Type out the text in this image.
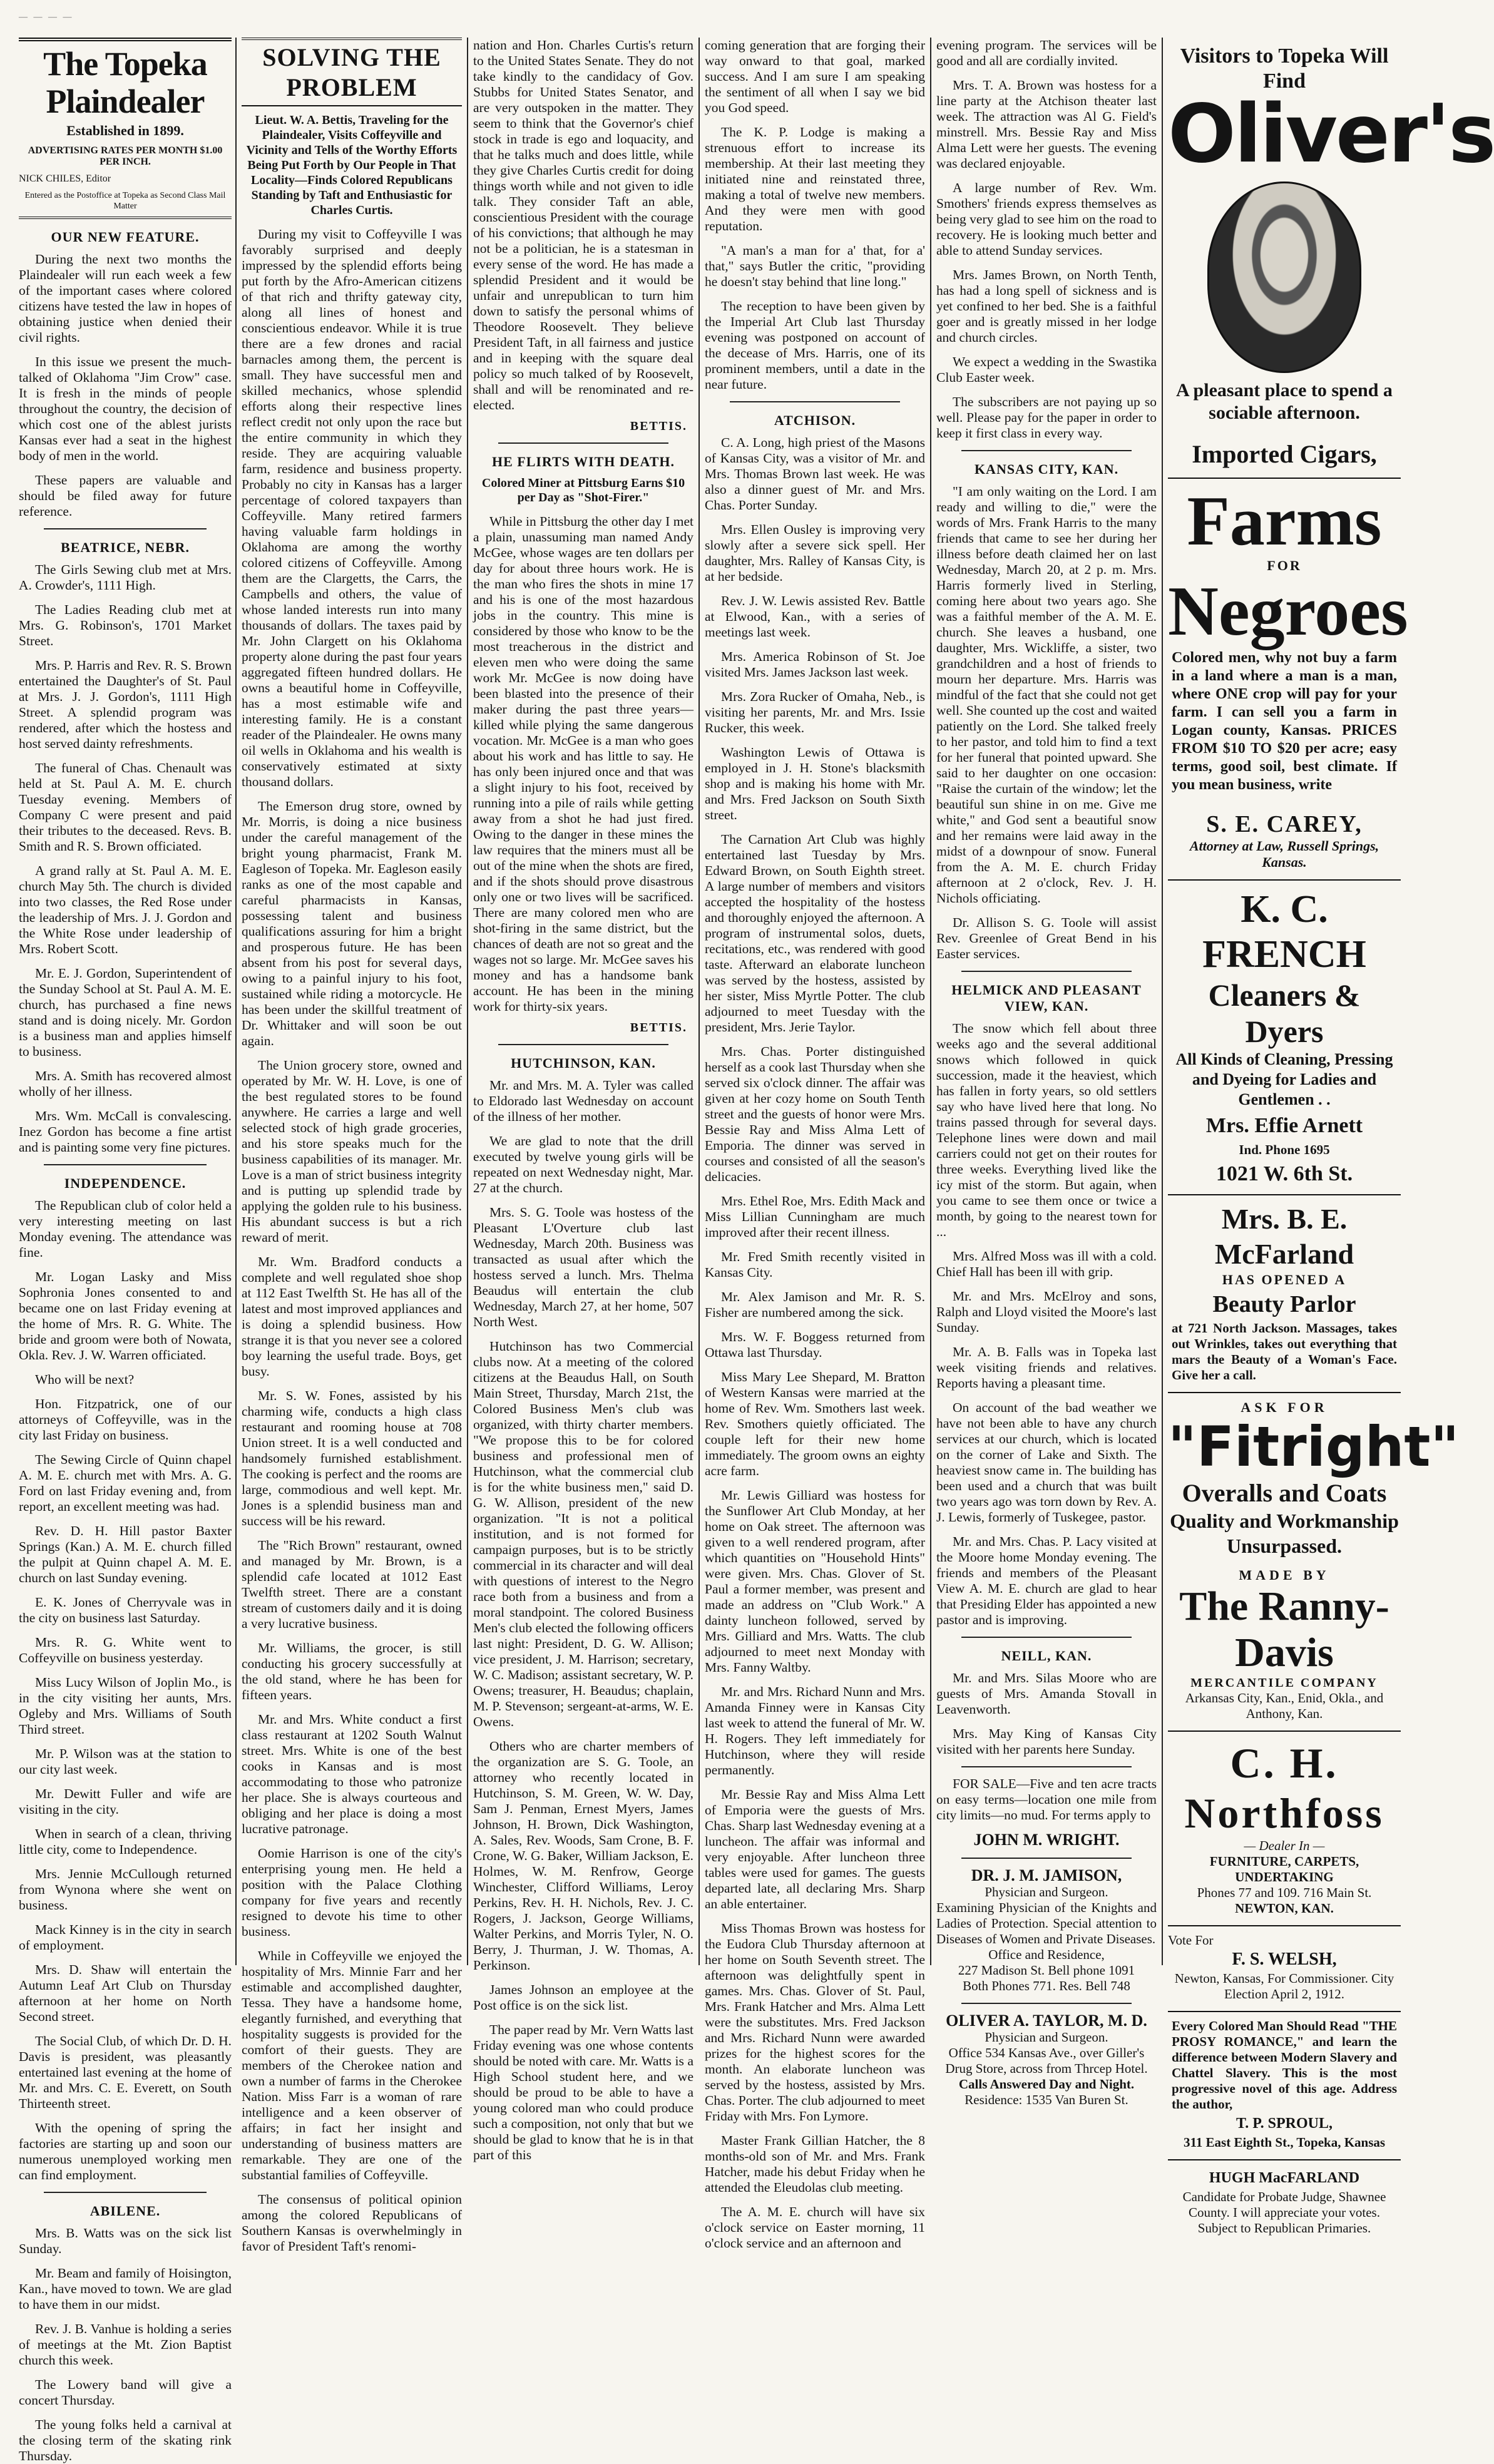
— — — —
The Topeka Plaindealer
Established in 1899.
ADVERTISING RATES PER MONTH $1.00 PER INCH.
NICK CHILES, Editor
Entered as the Postoffice at Topeka as Second Class Mail Matter
OUR NEW FEATURE.

During the next two months the Plaindealer will run each week a few of the important cases where colored citizens have tested the law in hopes of obtaining justice when denied their civil rights.

In this issue we present the much-talked of Oklahoma "Jim Crow" case. It is fresh in the minds of people throughout the country, the decision of which cost one of the ablest jurists Kansas ever had a seat in the highest body of men in the world.

These papers are valuable and should be filed away for future reference.

BEATRICE, NEBR.

The Girls Sewing club met at Mrs. A. Crowder's, 1111 High.

The Ladies Reading club met at Mrs. G. Robinson's, 1701 Market Street.

Mrs. P. Harris and Rev. R. S. Brown entertained the Daughter's of St. Paul at Mrs. J. J. Gordon's, 1111 High Street. A splendid program was rendered, after which the hostess and host served dainty refreshments.

The funeral of Chas. Chenault was held at St. Paul A. M. E. church Tuesday evening. Members of Company C were present and paid their tributes to the deceased. Revs. B. Smith and R. S. Brown officiated.

A grand rally at St. Paul A. M. E. church May 5th. The church is divided into two classes, the Red Rose under the leadership of Mrs. J. J. Gordon and the White Rose under leadership of Mrs. Robert Scott.

Mr. E. J. Gordon, Superintendent of the Sunday School at St. Paul A. M. E. church, has purchased a fine news stand and is doing nicely. Mr. Gordon is a business man and applies himself to business.

Mrs. A. Smith has recovered almost wholly of her illness.

Mrs. Wm. McCall is convalescing. Inez Gordon has become a fine artist and is painting some very fine pictures.

INDEPENDENCE.

The Republican club of color held a very interesting meeting on last Monday evening. The attendance was fine.

Mr. Logan Lasky and Miss Sophronia Jones consented to and became one on last Friday evening at the home of Mrs. R. G. White. The bride and groom were both of Nowata, Okla. Rev. J. W. Warren officiated.

Who will be next?

Hon. Fitzpatrick, one of our attorneys of Coffeyville, was in the city last Friday on business.

The Sewing Circle of Quinn chapel A. M. E. church met with Mrs. A. G. Ford on last Friday evening and, from report, an excellent meeting was had.

Rev. D. H. Hill pastor Baxter Springs (Kan.) A. M. E. church filled the pulpit at Quinn chapel A. M. E. church on last Sunday evening.

E. K. Jones of Cherryvale was in the city on business last Saturday.

Mrs. R. G. White went to Coffeyville on business yesterday.

Miss Lucy Wilson of Joplin Mo., is in the city visiting her aunts, Mrs. Ogleby and Mrs. Williams of South Third street.

Mr. P. Wilson was at the station to our city last week.

Mr. Dewitt Fuller and wife are visiting in the city.

When in search of a clean, thriving little city, come to Independence.

Mrs. Jennie McCullough returned from Wynona where she went on business.

Mack Kinney is in the city in search of employment.

Mrs. D. Shaw will entertain the Autumn Leaf Art Club on Thursday afternoon at her home on North Second street.

The Social Club, of which Dr. D. H. Davis is president, was pleasantly entertained last evening at the home of Mr. and Mrs. C. E. Everett, on South Thirteenth street.

With the opening of spring the factories are starting up and soon our numerous unemployed working men can find employment.

ABILENE.

Mrs. B. Watts was on the sick list Sunday.

Mr. Beam and family of Hoisington, Kan., have moved to town. We are glad to have them in our midst.

Rev. J. B. Vanhue is holding a series of meetings at the Mt. Zion Baptist church this week.

The Lowery band will give a concert Thursday.

The young folks held a carnival at the closing term of the skating rink Thursday.

SOLVING THE PROBLEM
Lieut. W. A. Bettis, Traveling for the Plaindealer, Visits Coffeyville and Vicinity and Tells of the Worthy Efforts Being Put Forth by Our People in That Locality—Finds Colored Republicans Standing by Taft and Enthusiastic for Charles Curtis.

During my visit to Coffeyville I was favorably surprised and deeply impressed by the splendid efforts being put forth by the Afro-American citizens of that rich and thrifty gateway city, along all lines of honest and conscientious endeavor. While it is true there are a few drones and racial barnacles among them, the percent is small. They have successful men and skilled mechanics, whose splendid efforts along their respective lines reflect credit not only upon the race but the entire community in which they reside. They are acquiring valuable farm, residence and business property. Probably no city in Kansas has a larger percentage of colored taxpayers than Coffeyville. Many retired farmers having valuable farm holdings in Oklahoma are among the worthy colored citizens of Coffeyville. Among them are the Clargetts, the Carrs, the Campbells and others, the value of whose landed interests run into many thousands of dollars. The taxes paid by Mr. John Clargett on his Oklahoma property alone during the past four years aggregated fifteen hundred dollars. He owns a beautiful home in Coffeyville, has a most estimable wife and interesting family. He is a constant reader of the Plaindealer. He owns many oil wells in Oklahoma and his wealth is conservatively estimated at sixty thousand dollars.

The Emerson drug store, owned by Mr. Morris, is doing a nice business under the careful management of the bright young pharmacist, Frank M. Eagleson of Topeka. Mr. Eagleson easily ranks as one of the most capable and careful pharmacists in Kansas, possessing talent and business qualifications assuring for him a bright and prosperous future. He has been absent from his post for several days, owing to a painful injury to his foot, sustained while riding a motorcycle. He has been under the skillful treatment of Dr. Whittaker and will soon be out again.

The Union grocery store, owned and operated by Mr. W. H. Love, is one of the best regulated stores to be found anywhere. He carries a large and well selected stock of high grade groceries, and his store speaks much for the business capabilities of its manager. Mr. Love is a man of strict business integrity and is putting up splendid trade by applying the golden rule to his business. His abundant success is but a rich reward of merit.

Mr. Wm. Bradford conducts a complete and well regulated shoe shop at 112 East Twelfth St. He has all of the latest and most improved appliances and is doing a splendid business. How strange it is that you never see a colored boy learning the useful trade. Boys, get busy.

Mr. S. W. Fones, assisted by his charming wife, conducts a high class restaurant and rooming house at 708 Union street. It is a well conducted and handsomely furnished establishment. The cooking is perfect and the rooms are large, commodious and well kept. Mr. Jones is a splendid business man and success will be his reward.

The "Rich Brown" restaurant, owned and managed by Mr. Brown, is a splendid cafe located at 1012 East Twelfth street. There are a constant stream of customers daily and it is doing a very lucrative business.

Mr. Williams, the grocer, is still conducting his grocery successfully at the old stand, where he has been for fifteen years.

Mr. and Mrs. White conduct a first class restaurant at 1202 South Walnut street. Mrs. White is one of the best cooks in Kansas and is most accommodating to those who patronize her place. She is always courteous and obliging and her place is doing a most lucrative patronage.

Oomie Harrison is one of the city's enterprising young men. He held a position with the Palace Clothing company for five years and recently resigned to devote his time to other business.

While in Coffeyville we enjoyed the hospitality of Mrs. Minnie Farr and her estimable and accomplished daughter, Tessa. They have a handsome home, elegantly furnished, and everything that hospitality suggests is provided for the comfort of their guests. They are members of the Cherokee nation and own a number of farms in the Cherokee Nation. Miss Farr is a woman of rare intelligence and a keen observer of affairs; in fact her insight and understanding of business matters are remarkable. They are one of the substantial families of Coffeyville.

The consensus of political opinion among the colored Republicans of Southern Kansas is overwhelmingly in favor of President Taft's renomi-

nation and Hon. Charles Curtis's return to the United States Senate. They do not take kindly to the candidacy of Gov. Stubbs for United States Senator, and are very outspoken in the matter. They seem to think that the Governor's chief stock in trade is ego and loquacity, and that he talks much and does little, while they give Charles Curtis credit for doing things worth while and not given to idle talk. They consider Taft an able, conscientious President with the courage of his convictions; that although he may not be a politician, he is a statesman in every sense of the word. He has made a splendid President and it would be unfair and unrepublican to turn him down to satisfy the personal whims of Theodore Roosevelt. They believe President Taft, in all fairness and justice and in keeping with the square deal policy so much talked of by Roosevelt, shall and will be renominated and re-elected.

BETTIS.
HE FLIRTS WITH DEATH.
Colored Miner at Pittsburg Earns $10 per Day as "Shot-Firer."

While in Pittsburg the other day I met a plain, unassuming man named Andy McGee, whose wages are ten dollars per day for about three hours work. He is the man who fires the shots in mine 17 and his is one of the most hazardous jobs in the country. This mine is considered by those who know to be the most treacherous in the district and eleven men who were doing the same work Mr. McGee is now doing have been blasted into the presence of their maker during the past three years—killed while plying the same dangerous vocation. Mr. McGee is a man who goes about his work and has little to say. He has only been injured once and that was a slight injury to his foot, received by running into a pile of rails while getting away from a shot he had just fired. Owing to the danger in these mines the law requires that the miners must all be out of the mine when the shots are fired, and if the shots should prove disastrous only one or two lives will be sacrificed. There are many colored men who are shot-firing in the same district, but the chances of death are not so great and the wages not so large. Mr. McGee saves his money and has a handsome bank account. He has been in the mining work for thirty-six years.

BETTIS.
HUTCHINSON, KAN.

Mr. and Mrs. M. A. Tyler was called to Eldorado last Wednesday on account of the illness of her mother.

We are glad to note that the drill executed by twelve young girls will be repeated on next Wednesday night, Mar. 27 at the church.

Mrs. S. G. Toole was hostess of the Pleasant L'Overture club last Wednesday, March 20th. Business was transacted as usual after which the hostess served a lunch. Mrs. Thelma Beaudus will entertain the club Wednesday, March 27, at her home, 507 North West.

Hutchinson has two Commercial clubs now. At a meeting of the colored citizens at the Beaudus Hall, on South Main Street, Thursday, March 21st, the Colored Business Men's club was organized, with thirty charter members. "We propose this to be for colored business and professional men of Hutchinson, what the commercial club is for the white business men," said D. G. W. Allison, president of the new organization. "It is not a political institution, and is not formed for campaign purposes, but is to be strictly commercial in its character and will deal with questions of interest to the Negro race both from a business and from a moral standpoint. The colored Business Men's club elected the following officers last night: President, D. G. W. Allison; vice president, J. M. Harrison; secretary, W. C. Madison; assistant secretary, W. P. Owens; treasurer, H. Beaudus; chaplain, M. P. Stevenson; sergeant-at-arms, W. E. Owens.

Others who are charter members of the organization are S. G. Toole, an attorney who recently located in Hutchinson, S. M. Green, W. W. Day, Sam J. Penman, Ernest Myers, James Johnson, H. Brown, Dick Washington, A. Sales, Rev. Woods, Sam Crone, B. F. Crone, W. G. Baker, William Jackson, E. Holmes, W. M. Renfrow, George Winchester, Clifford Williams, Leroy Perkins, Rev. H. H. Nichols, Rev. J. C. Rogers, J. Jackson, George Williams, Walter Perkins, and Morris Tyler, N. O. Berry, J. Thurman, J. W. Thomas, A. Perkinson.

James Johnson an employee at the Post office is on the sick list.

The paper read by Mr. Vern Watts last Friday evening was one whose contents should be noted with care. Mr. Watts is a High School student here, and we should be proud to be able to have a young colored man who could produce such a composition, not only that but we should be glad to know that he is in that part of this

coming generation that are forging their way onward to that goal, marked success. And I am sure I am speaking the sentiment of all when I say we bid you God speed.

The K. P. Lodge is making a strenuous effort to increase its membership. At their last meeting they initiated nine and reinstated three, making a total of twelve new members. And they were men with good reputation.

"A man's a man for a' that, for a' that," says Butler the critic, "providing he doesn't stay behind that line long."

The reception to have been given by the Imperial Art Club last Thursday evening was postponed on account of the decease of Mrs. Harris, one of its prominent members, until a date in the near future.

ATCHISON.

C. A. Long, high priest of the Masons of Kansas City, was a visitor of Mr. and Mrs. Thomas Brown last week. He was also a dinner guest of Mr. and Mrs. Chas. Porter Sunday.

Mrs. Ellen Ousley is improving very slowly after a severe sick spell. Her daughter, Mrs. Ralley of Kansas City, is at her bedside.

Rev. J. W. Lewis assisted Rev. Battle at Elwood, Kan., with a series of meetings last week.

Mrs. America Robinson of St. Joe visited Mrs. James Jackson last week.

Mrs. Zora Rucker of Omaha, Neb., is visiting her parents, Mr. and Mrs. Issie Rucker, this week.

Washington Lewis of Ottawa is employed in J. H. Stone's blacksmith shop and is making his home with Mr. and Mrs. Fred Jackson on South Sixth street.

The Carnation Art Club was highly entertained last Tuesday by Mrs. Edward Brown, on South Eighth street. A large number of members and visitors accepted the hospitality of the hostess and thoroughly enjoyed the afternoon. A program of instrumental solos, duets, recitations, etc., was rendered with good taste. Afterward an elaborate luncheon was served by the hostess, assisted by her sister, Miss Myrtle Potter. The club adjourned to meet Tuesday with the president, Mrs. Jerie Taylor.

Mrs. Chas. Porter distinguished herself as a cook last Thursday when she served six o'clock dinner. The affair was given at her cozy home on South Tenth street and the guests of honor were Mrs. Bessie Ray and Miss Alma Lett of Emporia. The dinner was served in courses and consisted of all the season's delicacies.

Mrs. Ethel Roe, Mrs. Edith Mack and Miss Lillian Cunningham are much improved after their recent illness.

Mr. Fred Smith recently visited in Kansas City.

Mr. Alex Jamison and Mr. R. S. Fisher are numbered among the sick.

Mrs. W. F. Boggess returned from Ottawa last Thursday.

Miss Mary Lee Shepard, M. Bratton of Western Kansas were married at the home of Rev. Wm. Smothers last week. Rev. Smothers quietly officiated. The couple left for their new home immediately. The groom owns an eighty acre farm.

Mr. Lewis Gilliard was hostess for the Sunflower Art Club Monday, at her home on Oak street. The afternoon was given to a well rendered program, after which quantities on "Household Hints" were given. Mrs. Chas. Glover of St. Paul a former member, was present and made an address on "Club Work." A dainty luncheon followed, served by Mrs. Gilliard and Mrs. Watts. The club adjourned to meet next Monday with Mrs. Fanny Waltby.

Mr. and Mrs. Richard Nunn and Mrs. Amanda Finney were in Kansas City last week to attend the funeral of Mr. W. H. Rogers. They left immediately for Hutchinson, where they will reside permanently.

Mr. Bessie Ray and Miss Alma Lett of Emporia were the guests of Mrs. Chas. Sharp last Wednesday evening at a luncheon. The affair was informal and very enjoyable. After luncheon three tables were used for games. The guests departed late, all declaring Mrs. Sharp an able entertainer.

Miss Thomas Brown was hostess for the Eudora Club Thursday afternoon at her home on South Seventh street. The afternoon was delightfully spent in games. Mrs. Chas. Glover of St. Paul, Mrs. Frank Hatcher and Mrs. Alma Lett were the substitutes. Mrs. Fred Jackson and Mrs. Richard Nunn were awarded prizes for the highest scores for the month. An elaborate luncheon was served by the hostess, assisted by Mrs. Chas. Porter. The club adjourned to meet Friday with Mrs. Fon Lymore.

Master Frank Gillian Hatcher, the 8 months-old son of Mr. and Mrs. Frank Hatcher, made his debut Friday when he attended the Eleudolas club meeting.

The A. M. E. church will have six o'clock service on Easter morning, 11 o'clock service and an afternoon and

evening program. The services will be good and all are cordially invited.

Mrs. T. A. Brown was hostess for a line party at the Atchison theater last week. The attraction was Al G. Field's minstrell. Mrs. Bessie Ray and Miss Alma Lett were her guests. The evening was declared enjoyable.

A large number of Rev. Wm. Smothers' friends express themselves as being very glad to see him on the road to recovery. He is looking much better and able to attend Sunday services.

Mrs. James Brown, on North Tenth, has had a long spell of sickness and is yet confined to her bed. She is a faithful goer and is greatly missed in her lodge and church circles.

We expect a wedding in the Swastika Club Easter week.

The subscribers are not paying up so well. Please pay for the paper in order to keep it first class in every way.

KANSAS CITY, KAN.

"I am only waiting on the Lord. I am ready and willing to die," were the words of Mrs. Frank Harris to the many friends that came to see her during her illness before death claimed her on last Wednesday, March 20, at 2 p. m. Mrs. Harris formerly lived in Sterling, coming here about two years ago. She was a faithful member of the A. M. E. church. She leaves a husband, one daughter, Mrs. Wickliffe, a sister, two grandchildren and a host of friends to mourn her departure. Mrs. Harris was mindful of the fact that she could not get well. She counted up the cost and waited patiently on the Lord. She talked freely to her pastor, and told him to find a text for her funeral that pointed upward. She said to her daughter on one occasion: "Raise the curtain of the window; let the beautiful sun shine in on me. Give me white," and God sent a beautiful snow and her remains were laid away in the midst of a downpour of snow. Funeral from the A. M. E. church Friday afternoon at 2 o'clock, Rev. J. H. Nichols officiating.

Dr. Allison S. G. Toole will assist Rev. Greenlee of Great Bend in his Easter services.

HELMICK AND PLEASANT VIEW, KAN.

The snow which fell about three weeks ago and the several additional snows which followed in quick succession, made it the heaviest, which has fallen in forty years, so old settlers say who have lived here that long. No trains passed through for several days. Telephone lines were down and mail carriers could not get on their routes for three weeks. Everything lived like the icy mist of the storm. But again, when you came to see them once or twice a month, by going to the nearest town for ...

Mrs. Alfred Moss was ill with a cold. Chief Hall has been ill with grip.

Mr. and Mrs. McElroy and sons, Ralph and Lloyd visited the Moore's last Sunday.

Mr. A. B. Falls was in Topeka last week visiting friends and relatives. Reports having a pleasant time.

On account of the bad weather we have not been able to have any church services at our church, which is located on the corner of Lake and Sixth. The heaviest snow came in. The building has been used and a church that was built two years ago was torn down by Rev. A. J. Lewis, formerly of Tuskegee, pastor.

Mr. and Mrs. Chas. P. Lacy visited at the Moore home Monday evening. The friends and members of the Pleasant View A. M. E. church are glad to hear that Presiding Elder has appointed a new pastor and is improving.

NEILL, KAN.

Mr. and Mrs. Silas Moore who are guests of Mrs. Amanda Stovall in Leavenworth.

Mrs. May King of Kansas City visited with her parents here Sunday.

FOR SALE—Five and ten acre tracts on easy terms—location one mile from city limits—no mud. For terms apply to

JOHN M. WRIGHT.
DR. J. M. JAMISON,
Physician and Surgeon.
Examining Physician of the Knights and Ladies of Protection. Special attention to Diseases of Women and Private Diseases.
Office and Residence,
227 Madison St. Bell phone 1091
Both Phones 771. Res. Bell 748
OLIVER A. TAYLOR, M. D.
Physician and Surgeon.
Office 534 Kansas Ave., over Giller's Drug Store, across from Thrcep Hotel.
Calls Answered Day and Night.
Residence: 1535 Van Buren St.
Visitors to Topeka Will Find
Oliver's
A pleasant place to spend a sociable afternoon.
Imported Cigars,
Farms
FOR
Negroes
Colored men, why not buy a farm in a land where a man is a man, where ONE crop will pay for your farm. I can sell you a farm in Logan county, Kansas. PRICES FROM $10 TO $20 per acre; easy terms, good soil, best climate. If you mean business, write
S. E. CAREY,
Attorney at Law, Russell Springs, Kansas.
K. C. FRENCH
Cleaners & Dyers
All Kinds of Cleaning, Pressing and Dyeing for Ladies and Gentlemen . .
Mrs. Effie Arnett
Ind. Phone 1695
1021 W. 6th St.
Mrs. B. E. McFarland
HAS OPENED A
Beauty Parlor
at 721 North Jackson. Massages, takes out Wrinkles, takes out everything that mars the Beauty of a Woman's Face. Give her a call.
ASK FOR
"Fitright"
Overalls and Coats
Quality and Workmanship Unsurpassed.
MADE BY
The Ranny-Davis
MERCANTILE COMPANY
Arkansas City, Kan., Enid, Okla., and Anthony, Kan.
C. H. Northfoss
— Dealer In —
FURNITURE, CARPETS, UNDERTAKING
Phones 77 and 109. 716 Main St.
NEWTON, KAN.
Vote For
F. S. WELSH,
Newton, Kansas, For Commissioner. City Election April 2, 1912.
Every Colored Man Should Read "THE PROSY ROMANCE," and learn the difference between Modern Slavery and Chattel Slavery. This is the most progressive novel of this age. Address the author,
T. P. SPROUL,
311 East Eighth St., Topeka, Kansas
HUGH MacFARLAND
Candidate for Probate Judge, Shawnee County. I will appreciate your votes. Subject to Republican Primaries.
